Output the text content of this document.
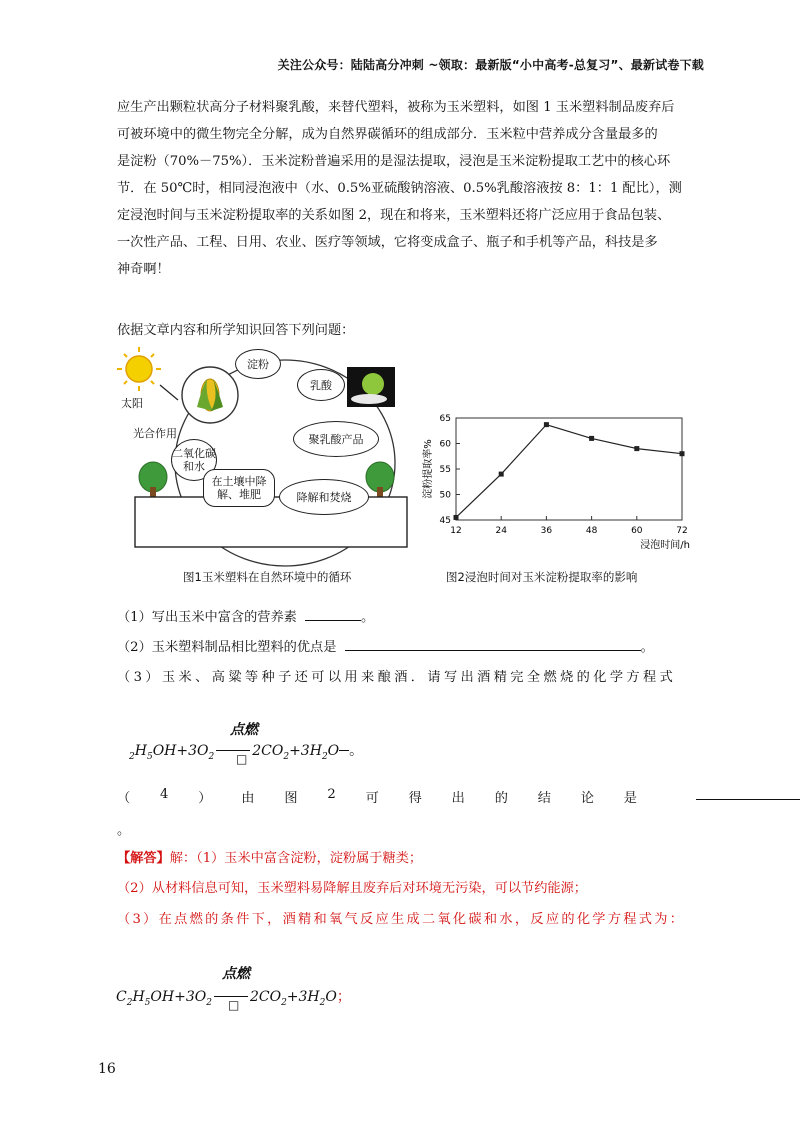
关注公众号：陆陆高分冲刺 ~领取：最新版“小中高考-总复习”、最新试卷下载
应生产出颗粒状高分子材料聚乳酸，来替代塑料，被称为玉米塑料，如图 1 玉米塑料制品废弃后
可被环境中的微生物完全分解，成为自然界碳循环的组成部分．玉米粒中营养成分含量最多的
是淀粉（70%－75%）．玉米淀粉普遍采用的是湿法提取，浸泡是玉米淀粉提取工艺中的核心环
节．在 50℃时，相同浸泡液中（水、0.5%亚硫酸钠溶液、0.5%乳酸溶液按 8：1：1 配比），测
定浸泡时间与玉米淀粉提取率的关系如图 2，现在和将来，玉米塑料还将广泛应用于食品包装、
一次性产品、工程、日用、农业、医疗等领域，它将变成盒子、瓶子和手机等产品，科技是多
神奇啊！
依据文章内容和所学知识回答下列问题：
太阳
光合作用
淀粉
乳酸
聚乳酸产品
二氧化碳和水
在土壤中降解、堆肥	降解和焚烧
图1玉米塑料在自然环境中的循环
45
50
55
60
65
12	24	36	48	60	72
浸泡时间/h
淀粉提取率%
图2浸泡时间对玉米淀粉提取率的影响
（1）写出玉米中富含的营养素	。
（2）玉米塑料制品相比塑料的优点是	。
（3）玉米、高粱等种子还可以用来酿酒．请写出酒精完全燃烧的化学方程式
点燃
$_2H_5OH+3O_2$	$2CO_2+3H_2O$ 。
□
（ 4 ） 由 图 2 可 得 出 的 结 论 是
。
【解答】解：（1）玉米中富含淀粉，淀粉属于糖类；
（2）从材料信息可知，玉米塑料易降解且废弃后对环境无污染，可以节约能源；
（3）在点燃的条件下，酒精和氧气反应生成二氧化碳和水，反应的化学方程式为：
点燃
$C_2H_5OH+3O_2$	$2CO_2+3H_2O$；
□
16
